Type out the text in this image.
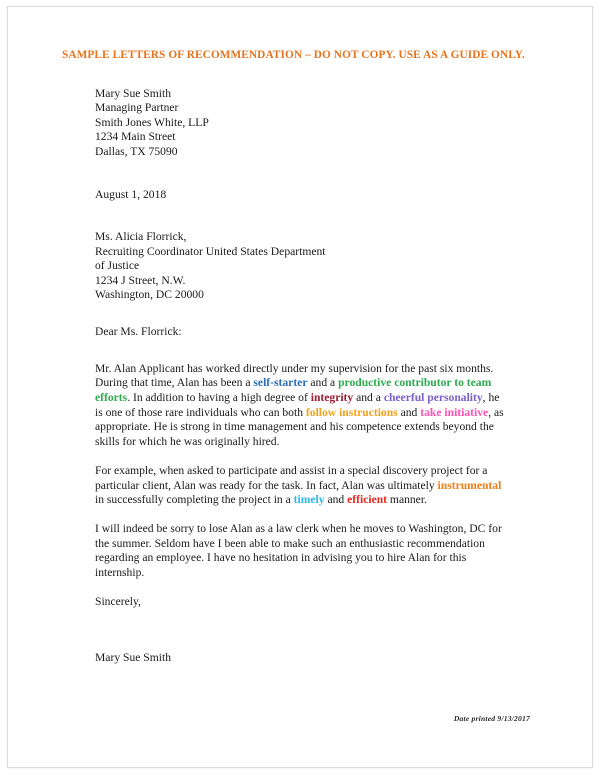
SAMPLE LETTERS OF RECOMMENDATION – DO NOT COPY. USE AS A GUIDE ONLY.
Mary Sue Smith
Managing Partner
Smith Jones White, LLP
1234 Main Street
Dallas, TX 75090
August 1, 2018
Ms. Alicia Florrick,
Recruiting Coordinator United States Department
of Justice
1234 J Street, N.W.
Washington, DC 20000
Dear Ms. Florrick:
Mr. Alan Applicant has worked directly under my supervision for the past six months. During that time, Alan has been a self-starter and a productive contributor to team efforts. In addition to having a high degree of integrity and a cheerful personality, he is one of those rare individuals who can both follow instructions and take initiative, as appropriate. He is strong in time management and his competence extends beyond the skills for which he was originally hired.
For example, when asked to participate and assist in a special discovery project for a particular client, Alan was ready for the task. In fact, Alan was ultimately instrumental in successfully completing the project in a timely and efficient manner.
I will indeed be sorry to lose Alan as a law clerk when he moves to Washington, DC for the summer. Seldom have I been able to make such an enthusiastic recommendation regarding an employee. I have no hesitation in advising you to hire Alan for this internship.
Sincerely,
Mary Sue Smith
Date printed 9/13/2017
